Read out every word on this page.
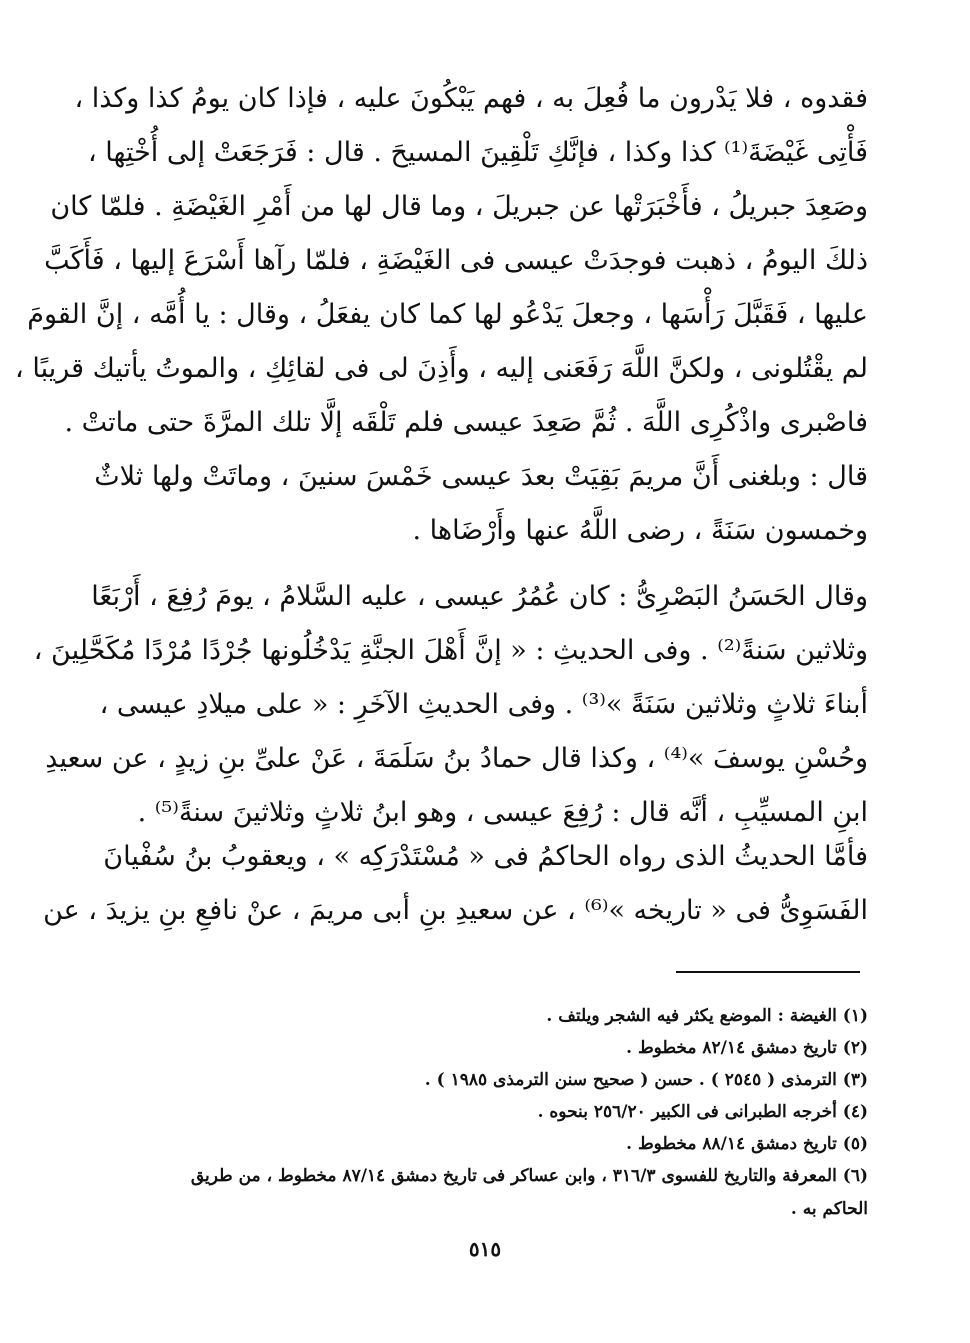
فقدوه ، فلا يَدْرون ما فُعِلَ به ، فهم يَبْكُونَ عليه ، فإذا كان يومُ كذا وكذا ،
فَأْتِى غَيْضَةَ⁽¹⁾ كذا وكذا ، فإنَّكِ تَلْقِينَ المسيحَ . قال : فَرَجَعَتْ إلى أُخْتِها ،
وصَعِدَ جبريلُ ، فأَخْبَرَتْها عن جبريلَ ، وما قال لها من أَمْرِ الغَيْضَةِ . فلمّا كان
ذلكَ اليومُ ، ذهبت فوجدَتْ عيسى فى الغَيْضَةِ ، فلمّا رآها أَسْرَعَ إليها ، فَأَكَبَّ
عليها ، فَقَبَّلَ رَأْسَها ، وجعلَ يَدْعُو لها كما كان يفعَلُ ، وقال : يا أُمَّه ، إنَّ القومَ
لم يقْتُلونى ، ولكنَّ اللَّهَ رَفَعَنى إليه ، وأَذِنَ لى فى لقائِكِ ، والموتُ يأتيك قريبًا ،
فاصْبرى واذْكُرِى اللَّهَ . ثُمَّ صَعِدَ عيسى فلم تَلْقَه إلَّا تلك المرَّةَ حتى ماتتْ .
قال : وبلغنى أَنَّ مريمَ بَقِيَتْ بعدَ عيسى خَمْسَ سنينَ ، وماتَتْ ولها ثلاثٌ
وخمسون سَنَةً ، رضى اللَّهُ عنها وأَرْضَاها .
وقال الحَسَنُ البَصْرِىُّ : كان عُمُرُ عيسى ، عليه السَّلامُ ، يومَ رُفِعَ ، أَرْبَعًا
وثلاثين سَنةً⁽²⁾ . وفى الحديثِ : « إنَّ أَهْلَ الجنَّةِ يَدْخُلُونها جُرْدًا مُرْدًا مُكَحَّلِينَ ،
أبناءَ ثلاثٍ وثلاثين سَنَةً »⁽³⁾ . وفى الحديثِ الآخَرِ : « على ميلادِ عيسى ،
وحُسْنِ يوسفَ »⁽⁴⁾ ، وكذا قال حمادُ بنُ سَلَمَةَ ، عَنْ علىِّ بنِ زيدٍ ، عن سعيدِ
ابنِ المسيِّبِ ، أنَّه قال : رُفِعَ عيسى ، وهو ابنُ ثلاثٍ وثلاثينَ سنةً⁽⁵⁾ .
فأمَّا الحديثُ الذى رواه الحاكمُ فى « مُسْتَدْرَكِه » ، ويعقوبُ بنُ سُفْيانَ
الفَسَوِىُّ فى « تاريخه »⁽⁶⁾ ، عن سعيدِ بنِ أبى مريمَ ، عنْ نافعِ بنِ يزيدَ ، عن
(١) الغيضة : الموضع يكثر فيه الشجر ويلتف .
(٢) تاريخ دمشق ٨٢/١٤ مخطوط .
(٣) الترمذى ( ٢٥٤٥ ) . حسن ( صحيح سنن الترمذى ١٩٨٥ ) .
(٤) أخرجه الطبرانى فى الكبير ٢٥٦/٢٠ بنحوه .
(٥) تاريخ دمشق ٨٨/١٤ مخطوط .
(٦) المعرفة والتاريخ للفسوى ٣١٦/٣ ، وابن عساكر فى تاريخ دمشق ٨٧/١٤ مخطوط ، من طريق
الحاكم به .
٥١٥
